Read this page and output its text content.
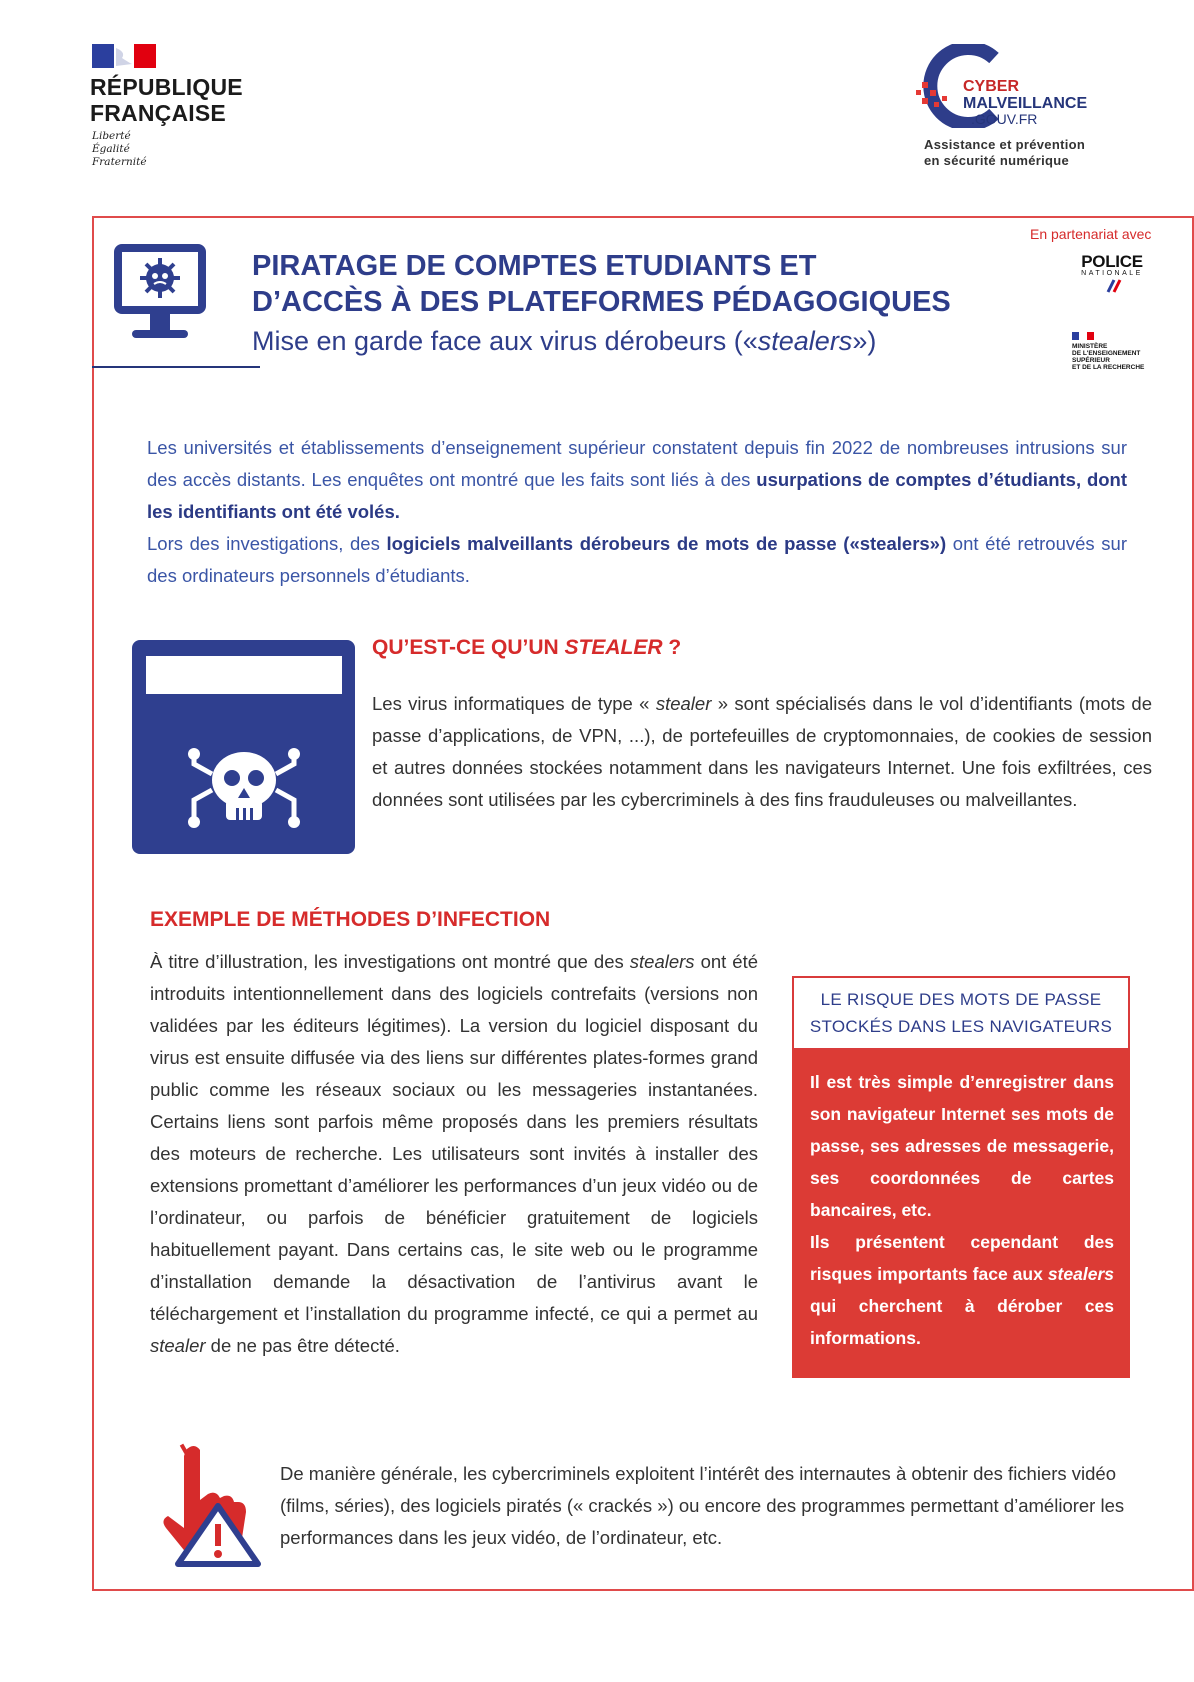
RÉPUBLIQUE
FRANÇAISE
Liberté
Égalité
Fraternité
CYBER
MALVEILLANCE
.GOUV.FR
Assistance et prévention
en sécurité numérique
En partenariat avec
POLICE
NATIONALE
MINISTÈRE
DE L'ENSEIGNEMENT
SUPÉRIEUR
ET DE LA RECHERCHE
PIRATAGE DE COMPTES ETUDIANTS ET
D’ACCÈS À DES PLATEFORMES PÉDAGOGIQUES
Mise en garde face aux virus dérobeurs («stealers»)

Les universités et établissements d’enseignement supérieur constatent depuis fin 2022 de nombreuses intrusions sur des accès distants. Les enquêtes ont montré que les faits sont liés à des usurpations de comptes d’étudiants, dont les identifiants ont été volés.

Lors des investigations, des logiciels malveillants dérobeurs de mots de passe («stealers») ont été retrouvés sur des ordinateurs personnels d’étudiants.

QU’EST-CE QU’UN STEALER ?
Les virus informatiques de type « stealer » sont spécialisés dans le vol d’identifiants (mots de passe d’applications, de VPN, ...), de portefeuilles de cryptomonnaies, de cookies de session et autres données stockées notamment dans les navigateurs Internet. Une fois exfiltrées, ces données sont utilisées par les cybercriminels à des fins frauduleuses ou malveillantes.
EXEMPLE DE MÉTHODES D’INFECTION
À titre d’illustration, les investigations ont montré que des stealers ont été introduits intentionnellement dans des logiciels contrefaits (versions non validées par les éditeurs légitimes). La version du logiciel disposant du virus est ensuite diffusée via des liens sur différentes plates-formes grand public comme les réseaux sociaux ou les messageries instantanées. Certains liens sont parfois même proposés dans les premiers résultats des moteurs de recherche. Les utilisateurs sont invités à installer des extensions promettant d’améliorer les performances d’un jeux vidéo ou de l’ordinateur, ou parfois de bénéficier gratuitement de logiciels habituellement payant. Dans certains cas, le site web ou le programme d’installation demande la désactivation de l’antivirus avant le téléchargement et l’installation du programme infecté, ce qui a permet au stealer de ne pas être détecté.
LE RISQUE DES MOTS DE PASSE
STOCKÉS DANS LES NAVIGATEURS

Il est très simple d’enregistrer dans son navigateur Internet ses mots de passe, ses adresses de messagerie, ses coordonnées de cartes bancaires, etc.

Ils présentent cependant des risques importants face aux stealers qui cherchent à dérober ces informations.

De manière générale, les cybercriminels exploitent l’intérêt des internautes à obtenir des fichiers vidéo (films, séries), des logiciels piratés (« crackés ») ou encore des programmes permettant d’améliorer les performances dans les jeux vidéo, de l’ordinateur, etc.
